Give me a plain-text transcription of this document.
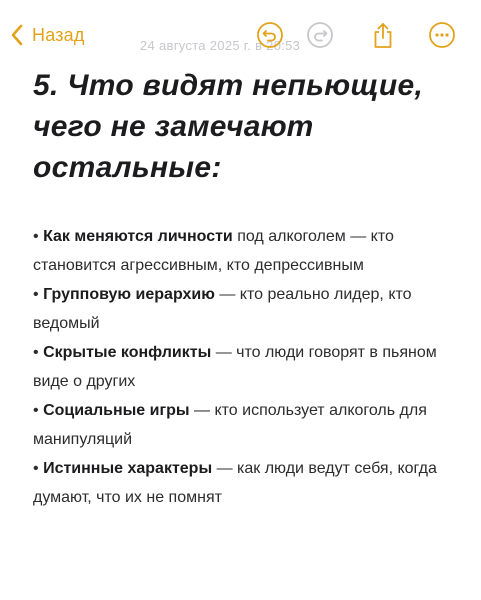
Назад
24 августа 2025 г. в 20:53
5. Что видят непьющие, чего не замечают остальные:

• Как меняются личности под алкоголем — кто становится агрессивным, кто депрессивным

• Групповую иерархию — кто реально лидер, кто ведомый

• Скрытые конфликты — что люди говорят в пьяном виде о других

• Социальные игры — кто использует алкоголь для манипуляций

• Истинные характеры — как люди ведут себя, когда думают, что их не помнят
